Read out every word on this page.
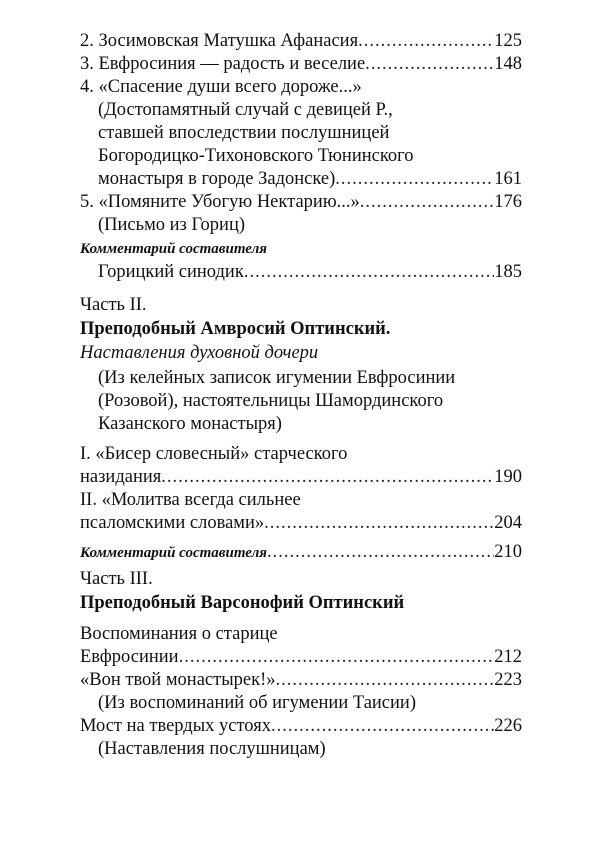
2. Зосимовская Матушка Афанасия .....	125
3. Евфросиния — радость и веселие .....	148
4. «Спасение души всего дороже...»
(Достопамятный случай с девицей Р.,
ставшей впоследствии послушницей
Богородицко-Тихоновского Тюнинского
монастыря в городе Задонске) .....	161
5. «Помяните Убогую Нектарию...» .....	176
(Письмо из Гориц)
Комментарий составителя
Горицкий синодик .....	185
Часть II.
Преподобный Амвросий Оптинский.
Наставления духовной дочери
(Из келейных записок игумении Евфросинии
(Розовой), настоятельницы Шамординского
Казанского монастыря)
I. «Бисер словесный» старческого
назидания .....	190
II. «Молитва всегда сильнее
псаломскими словами» .....	204
Комментарий составителя .....	210
Часть III.
Преподобный Варсонофий Оптинский
Воспоминания о старице
Евфросинии .....	212
«Вон твой монастырек!» .....	223
(Из воспоминаний об игумении Таисии)
Мост на твердых устоях .....	226
(Наставления послушницам)
